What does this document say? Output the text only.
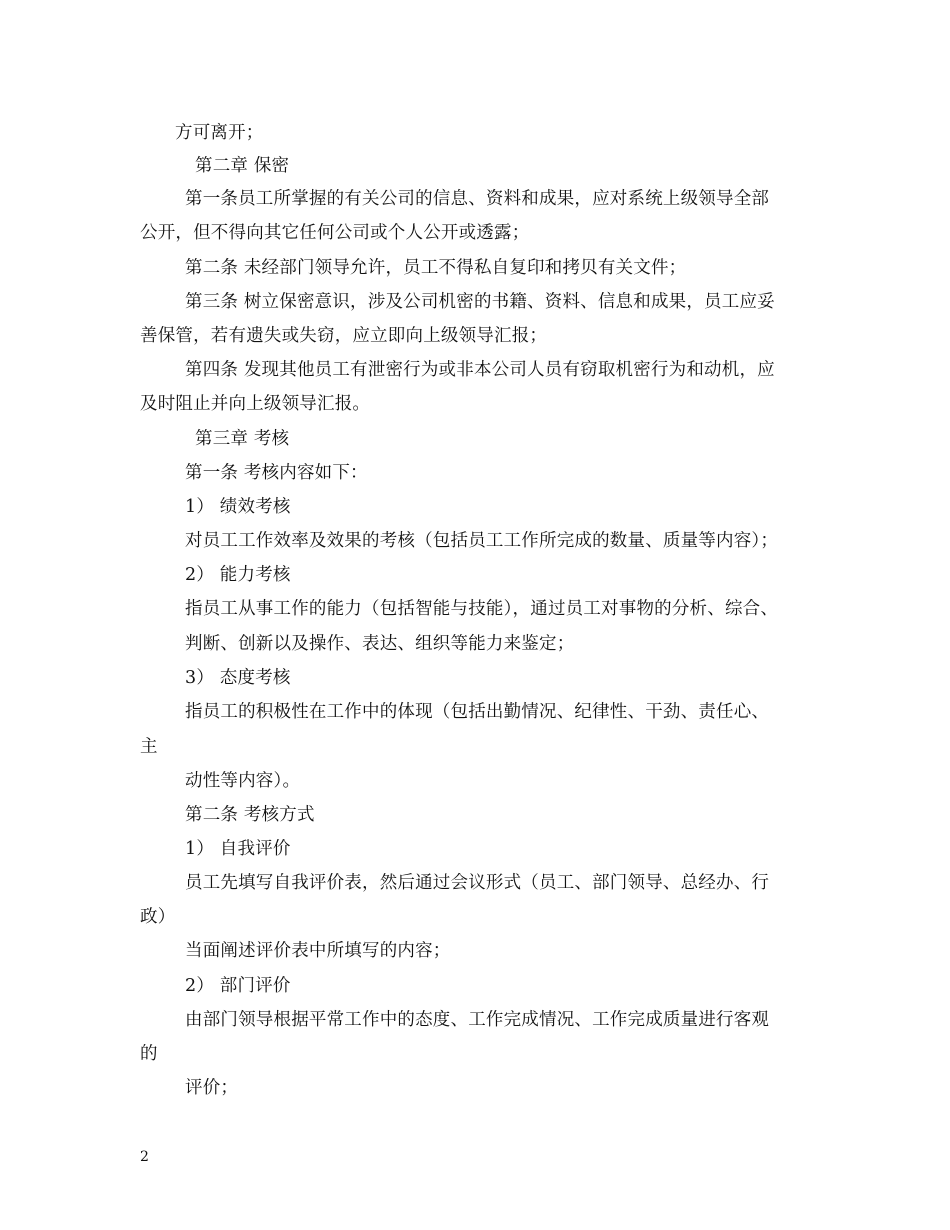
方可离开；
第二章 保密
第一条员工所掌握的有关公司的信息、资料和成果，应对系统上级领导全部
公开，但不得向其它任何公司或个人公开或透露；
第二条 未经部门领导允许，员工不得私自复印和拷贝有关文件；
第三条 树立保密意识，涉及公司机密的书籍、资料、信息和成果，员工应妥
善保管，若有遗失或失窃，应立即向上级领导汇报；
第四条 发现其他员工有泄密行为或非本公司人员有窃取机密行为和动机，应
及时阻止并向上级领导汇报。
第三章 考核
第一条 考核内容如下：
1） 绩效考核
对员工工作效率及效果的考核（包括员工工作所完成的数量、质量等内容）；
2） 能力考核
指员工从事工作的能力（包括智能与技能），通过员工对事物的分析、综合、
判断、创新以及操作、表达、组织等能力来鉴定；
3） 态度考核
指员工的积极性在工作中的体现（包括出勤情况、纪律性、干劲、责任心、
主
动性等内容）。
第二条 考核方式
1） 自我评价
员工先填写自我评价表，然后通过会议形式（员工、部门领导、总经办、行
政）
当面阐述评价表中所填写的内容；
2） 部门评价
由部门领导根据平常工作中的态度、工作完成情况、工作完成质量进行客观
的
评价；
2
